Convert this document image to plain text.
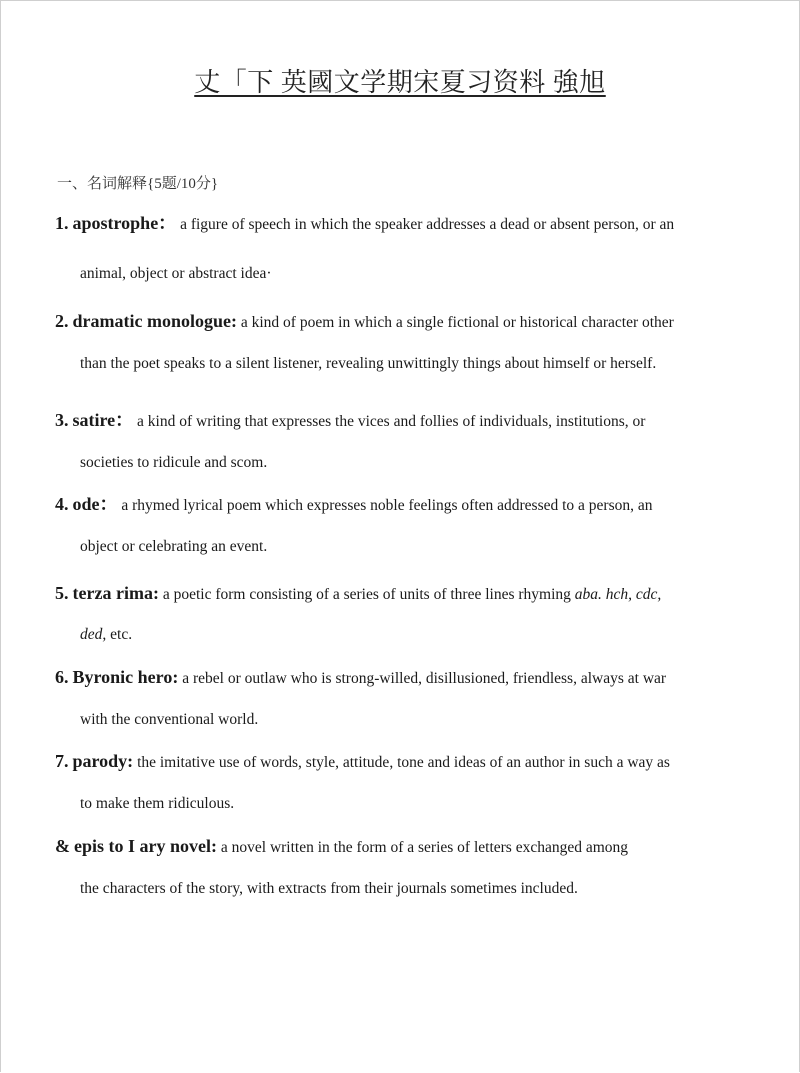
丈「下 英國文学期宋夏习资料 強旭
一、名词解释{5题/10分}
1. apostrophe： a figure of speech in which the speaker addresses a dead or absent person, or an
animal, object or abstract idea·
2. dramatic monologue: a kind of poem in which a single fictional or historical character other
than the poet speaks to a silent listener, revealing unwittingly things about himself or herself.
3. satire： a kind of writing that expresses the vices and follies of individuals, institutions, or
societies to ridicule and scom.
4. ode： a rhymed lyrical poem which expresses noble feelings often addressed to a person, an
object or celebrating an event.
5. terza rima: a poetic form consisting of a series of units of three lines rhyming aba. hch, cdc,
ded, etc.
6. Byronic hero: a rebel or outlaw who is strong-willed, disillusioned, friendless, always at war
with the conventional world.
7. parody: the imitative use of words, style, attitude, tone and ideas of an author in such a way as
to make them ridiculous.
& epis to I ary novel: a novel written in the form of a series of letters exchanged among
the characters of the story, with extracts from their journals sometimes included.
